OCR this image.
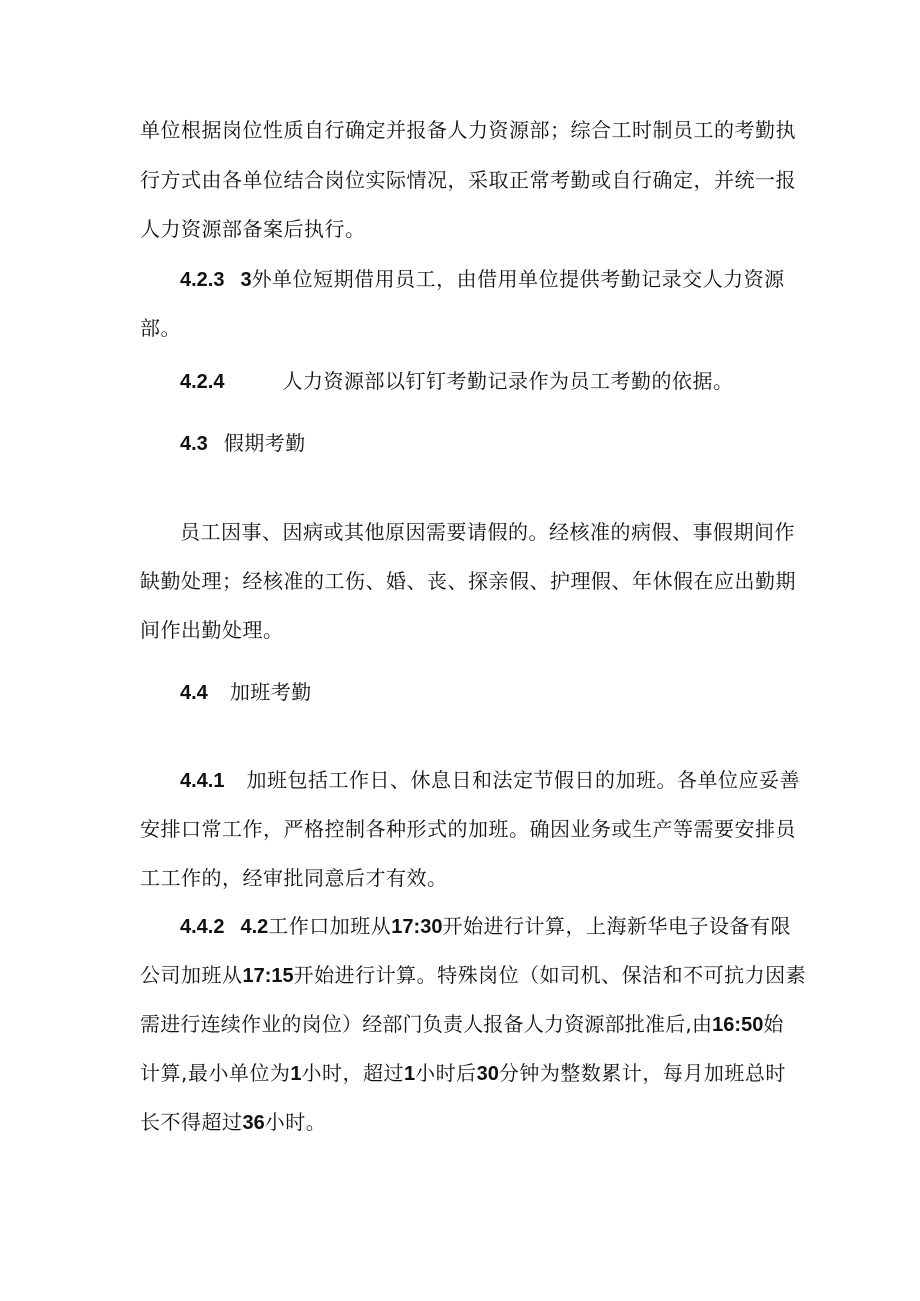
单位根据岗位性质自行确定并报备人力资源部；综合工时制员工的考勤执
行方式由各单位结合岗位实际情况，采取正常考勤或自行确定，并统一报
人力资源部备案后执行。
4.2.3 3外单位短期借用员工，由借用单位提供考勤记录交人力资源
部。
4.2.4	人力资源部以钉钉考勤记录作为员工考勤的依据。
4.3 假期考勤
员工因事、因病或其他原因需要请假的。经核准的病假、事假期间作
缺勤处理；经核准的工伤、婚、丧、探亲假、护理假、年休假在应出勤期
间作出勤处理。
4.4 加班考勤
4.4.1 加班包括工作日、休息日和法定节假日的加班。各单位应妥善
安排口常工作，严格控制各种形式的加班。确因业务或生产等需要安排员
工工作的，经审批同意后才有效。
4.4.2 4.2工作口加班从17:30开始进行计算，上海新华电子设备有限
公司加班从17:15开始进行计算。特殊岗位（如司机、保洁和不可抗力因素
需进行连续作业的岗位）经部门负责人报备人力资源部批准后,由16:50始
计算,最小单位为1小时，超过1小时后30分钟为整数累计，每月加班总时
长不得超过36小时。
